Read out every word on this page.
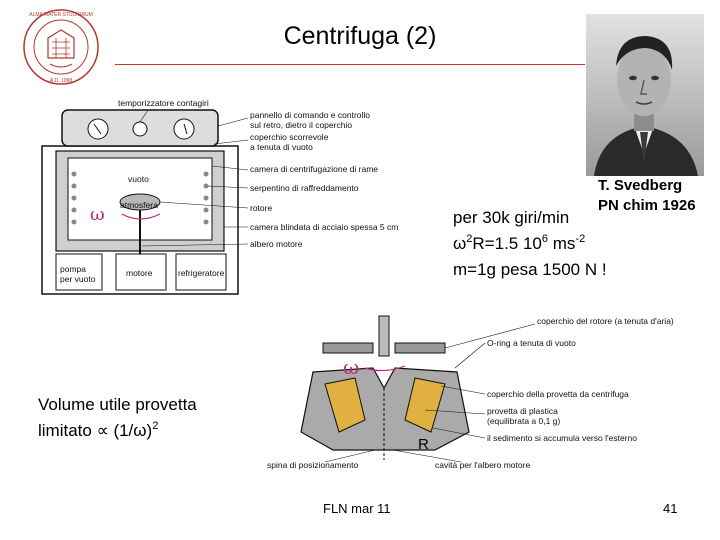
ALMA MATER STUDIORUM
A.D. 1088
Centrifuga (2)
T. Svedberg
PN chim 1926
per 30k giri/min
$\omega^2R=1.5$ $10^6$ $ms^{-2}$
m=1g pesa 1500 N !
Volume utile provetta
limitato ∝ $(1/\omega)^2$
vuoto
atmosfera
ω
pompa
per vuoto
motore	refrigeratore
temporizzatore contagiri
pannello di comando e controllo
sul retro, dietro il coperchio
coperchio scorrevole
a tenuta di vuoto
camera di centrifugazione di rame
serpentino di raffreddamento
rotore
camera blindata di acciaio spessa 5 cm
albero motore
ω
coperchio del rotore (a tenuta d'aria)
O-ring a tenuta di vuoto
coperchio della provetta da centrifuga
provetta di plastica
(equilibrata a 0,1 g)
il sedimento si accumula verso l'esterno
spina di posizionamento	cavità per l'albero motore
R
FLN mar 11	41
